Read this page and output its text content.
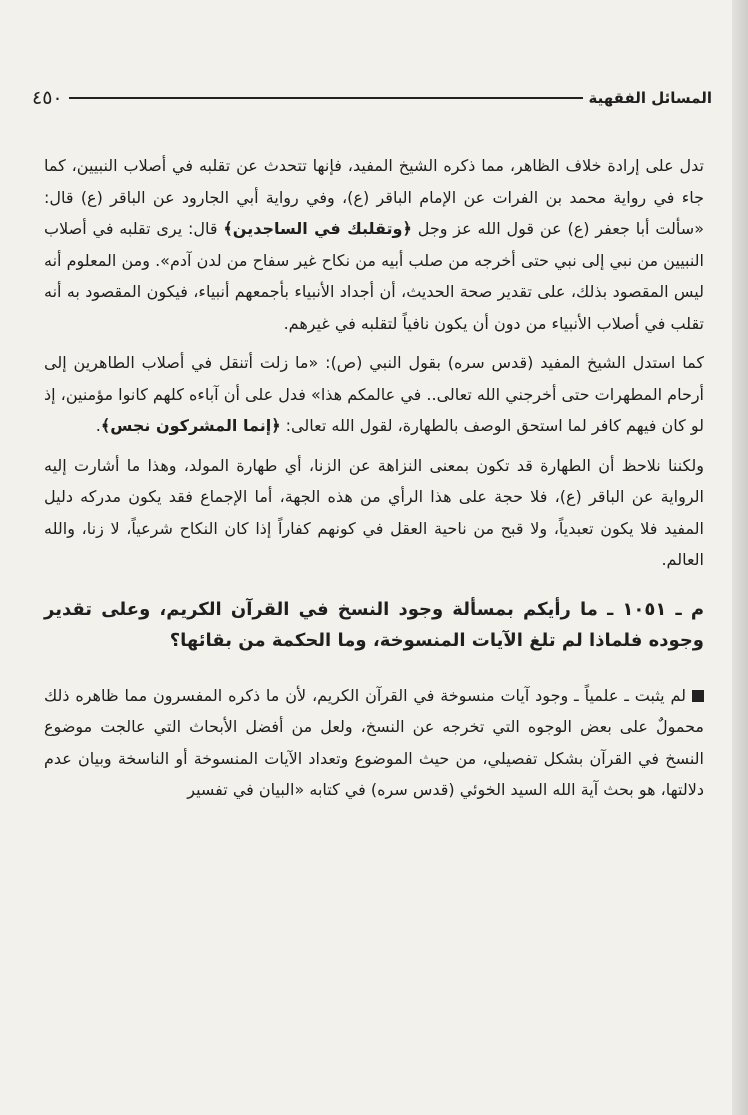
المسائل الفقهية
٤٥٠

تدل على إرادة خلاف الظاهر، مما ذكره الشيخ المفيد، فإنها تتحدث عن تقلبه في أصلاب النبيين، كما جاء في رواية محمد بن الفرات عن الإمام الباقر (ع)، وفي رواية أبي الجارود عن الباقر (ع) قال: «سألت أبا جعفر (ع) عن قول الله عز وجل ﴿وتقلبك في الساجدين﴾ قال: يرى تقلبه في أصلاب النبيين من نبي إلى نبي حتى أخرجه من صلب أبيه من نكاح غير سفاح من لدن آدم». ومن المعلوم أنه ليس المقصود بذلك، على تقدير صحة الحديث، أن أجداد الأنبياء بأجمعهم أنبياء، فيكون المقصود به أنه تقلب في أصلاب الأنبياء من دون أن يكون نافياً لتقلبه في غيرهم.

كما استدل الشيخ المفيد (قدس سره) بقول النبي (ص): «ما زلت أتنقل في أصلاب الطاهرين إلى أرحام المطهرات حتى أخرجني الله تعالى.. في عالمكم هذا» فدل على أن آباءه كلهم كانوا مؤمنين، إذ لو كان فيهم كافر لما استحق الوصف بالطهارة، لقول الله تعالى: ﴿إنما المشركون نجس﴾.

ولكننا نلاحظ أن الطهارة قد تكون بمعنى النزاهة عن الزنا، أي طهارة المولد، وهذا ما أشارت إليه الرواية عن الباقر (ع)، فلا حجة على هذا الرأي من هذه الجهة، أما الإجماع فقد يكون مدركه دليل المفيد فلا يكون تعبدياً، ولا قبح من ناحية العقل في كونهم كفاراً إذا كان النكاح شرعياً، لا زنا، والله العالم.

م ـ ١٠٥١ ـ ما رأيكم بمسألة وجود النسخ في القرآن الكريم، وعلى تقدير وجوده فلماذا لم تلغ الآيات المنسوخة، وما الحكمة من بقائها؟

لم يثبت ـ علمياً ـ وجود آيات منسوخة في القرآن الكريم، لأن ما ذكره المفسرون مما ظاهره ذلك محمولٌ على بعض الوجوه التي تخرجه عن النسخ، ولعل من أفضل الأبحاث التي عالجت موضوع النسخ في القرآن بشكل تفصيلي، من حيث الموضوع وتعداد الآيات المنسوخة أو الناسخة وبيان عدم دلالتها، هو بحث آية الله السيد الخوئي (قدس سره) في كتابه «البيان في تفسير
